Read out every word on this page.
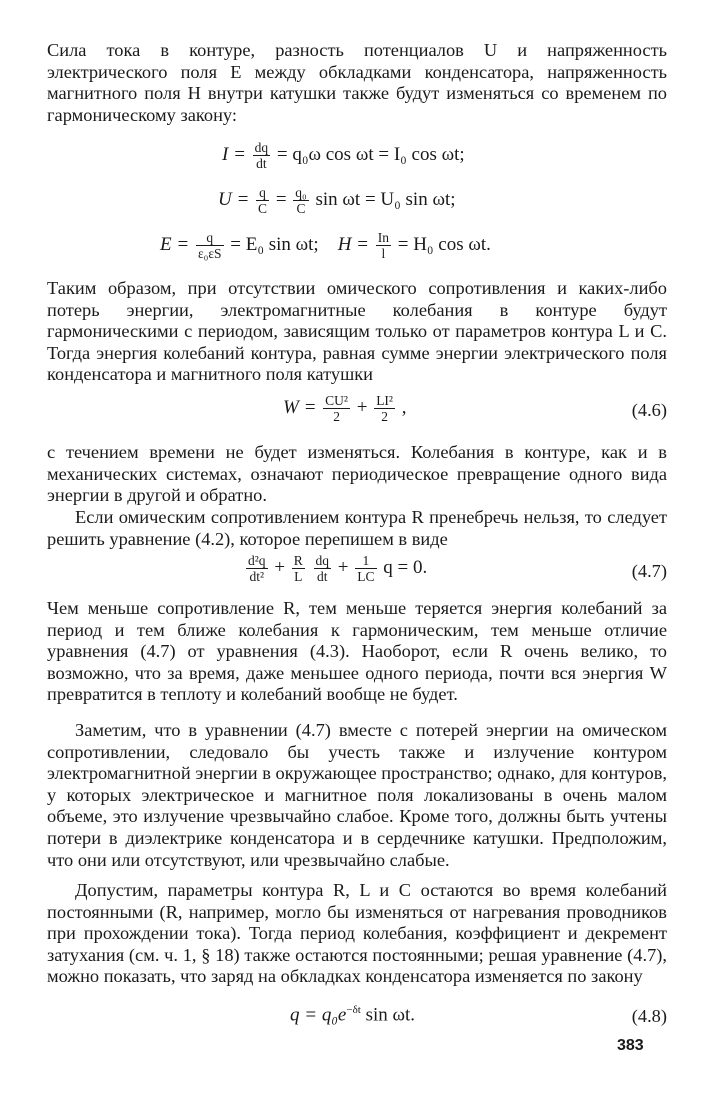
Сила тока в контуре, разность потенциалов U и напряженность электрического поля E между обкладками конденсатора, напряженность магнитного поля H внутри катушки также будут изменяться со временем по гармоническому закону:
$I = \frac{dq}{dt} = q_0\omega$ cos ωt = I₀ cos ωt;
$U = \frac{q}{C} = \frac{\text{q₀}}{C}$ sin ωt = U₀ sin ωt;
$E = \frac{q}{\text{ε₀εS}} = E_0$ sin ωt; $H = \frac{In}{l} = H_0$ cos ωt.
Таким образом, при отсутствии омического сопротивления и каких-либо потерь энергии, электромагнитные колебания в контуре будут гармоническими с периодом, зависящим только от параметров контура L и C. Тогда энергия колебаний контура, равная сумме энергии электрического поля конденсатора и магнитного поля катушки
$W = \frac{\text{CU²}}{2} + \frac{\text{LI²}}{2}$ ,	(4.6)
с течением времени не будет изменяться. Колебания в контуре, как и в механических системах, означают периодическое превращение одного вида энергии в другой и обратно.
Если омическим сопротивлением контура R пренебречь нельзя, то следует решить уравнение (4.2), которое перепишем в виде
$\frac{\text{d²q}}{\text{dt²}} + \frac{R}{L}$
$\frac{dq}{dt} + \frac{1}{LC}$ q = 0.	(4.7)
Чем меньше сопротивление R, тем меньше теряется энергия колебаний за период и тем ближе колебания к гармоническим, тем меньше отличие уравнения (4.7) от уравнения (4.3). Наоборот, если R очень велико, то возможно, что за время, даже меньшее одного периода, почти вся энергия W превратится в теплоту и колебаний вообще не будет.
Заметим, что в уравнении (4.7) вместе с потерей энергии на омическом сопротивлении, следовало бы учесть также и излучение контуром электромагнитной энергии в окружающее пространство; однако, для контуров, у которых электрическое и магнитное поля локализованы в очень малом объеме, это излучение чрезвычайно слабое. Кроме того, должны быть учтены потери в диэлектрике конденсатора и в сердечнике катушки. Предположим, что они или отсутствуют, или чрезвычайно слабые.
Допустим, параметры контура R, L и C остаются во время колебаний постоянными (R, например, могло бы изменяться от нагревания проводников при прохождении тока). Тогда период колебания, коэффициент и декремент затухания (см. ч. 1, § 18) также остаются постоянными; решая уравнение (4.7), можно показать, что заряд на обкладках конденсатора изменяется по закону
$q = q_0e^{-\delta t}$ sin ωt.	(4.8)
383
